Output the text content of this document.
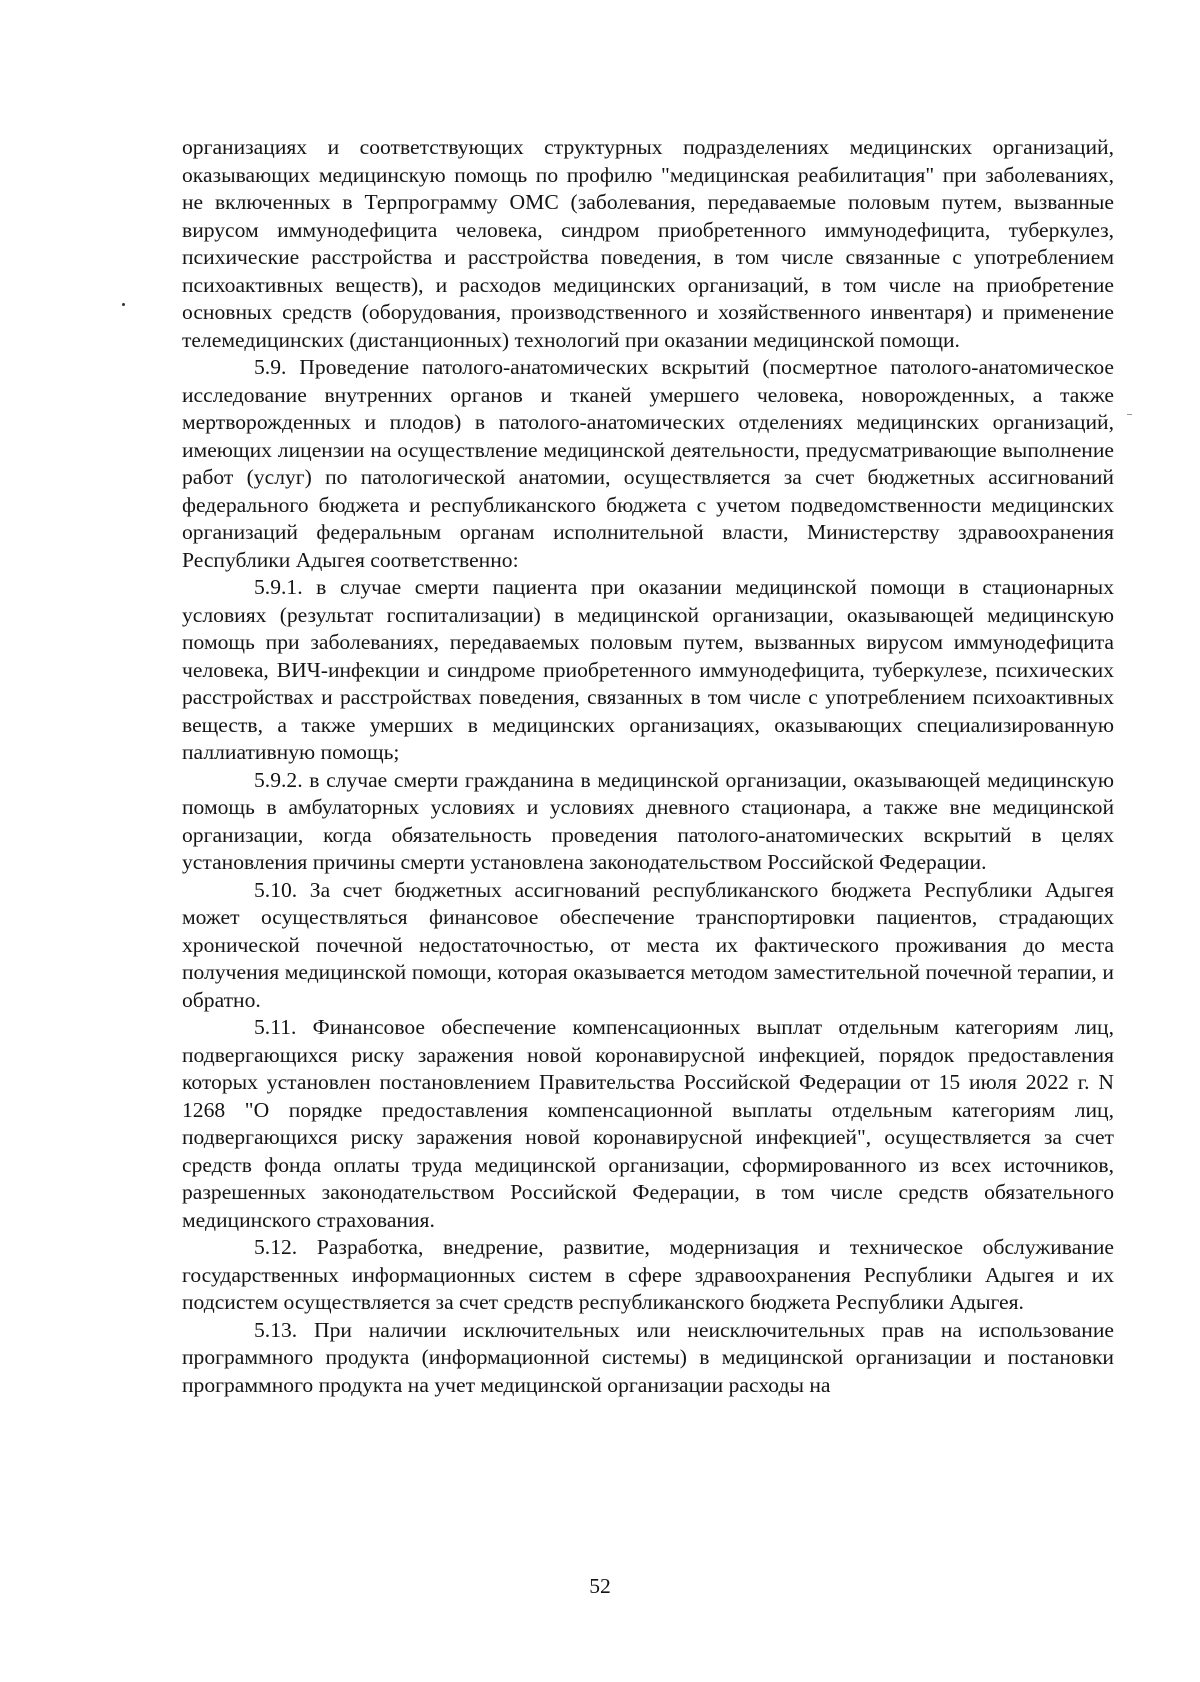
организациях и соответствующих структурных подразделениях медицинских организаций, оказывающих медицинскую помощь по профилю "медицинская реабилитация" при заболеваниях, не включенных в Терпрограмму ОМС (заболевания, передаваемые половым путем, вызванные вирусом иммунодефицита человека, синдром приобретенного иммунодефицита, туберкулез, психические расстройства и расстройства поведения, в том числе связанные с употреблением психоактивных веществ), и расходов медицинских организаций, в том числе на приобретение основных средств (оборудования, производственного и хозяйственного инвентаря) и применение телемедицинских (дистанционных) технологий при оказании медицинской помощи.

5.9. Проведение патолого-анатомических вскрытий (посмертное патолого-анатомическое исследование внутренних органов и тканей умершего человека, новорожденных, а также мертворожденных и плодов) в патолого-анатомических отделениях медицинских организаций, имеющих лицензии на осуществление медицинской деятельности, предусматривающие выполнение работ (услуг) по патологической анатомии, осуществляется за счет бюджетных ассигнований федерального бюджета и республиканского бюджета с учетом подведомственности медицинских организаций федеральным органам исполнительной власти, Министерству здравоохранения Республики Адыгея соответственно:

5.9.1. в случае смерти пациента при оказании медицинской помощи в стационарных условиях (результат госпитализации) в медицинской организации, оказывающей медицинскую помощь при заболеваниях, передаваемых половым путем, вызванных вирусом иммунодефицита человека, ВИЧ-инфекции и синдроме приобретенного иммунодефицита, туберкулезе, психических расстройствах и расстройствах поведения, связанных в том числе с употреблением психоактивных веществ, а также умерших в медицинских организациях, оказывающих специализированную паллиативную помощь;

5.9.2. в случае смерти гражданина в медицинской организации, оказывающей медицинскую помощь в амбулаторных условиях и условиях дневного стационара, а также вне медицинской организации, когда обязательность проведения патолого-анатомических вскрытий в целях установления причины смерти установлена законодательством Российской Федерации.

5.10. За счет бюджетных ассигнований республиканского бюджета Республики Адыгея может осуществляться финансовое обеспечение транспортировки пациентов, страдающих хронической почечной недостаточностью, от места их фактического проживания до места получения медицинской помощи, которая оказывается методом заместительной почечной терапии, и обратно.

5.11. Финансовое обеспечение компенсационных выплат отдельным категориям лиц, подвергающихся риску заражения новой коронавирусной инфекцией, порядок предоставления которых установлен постановлением Правительства Российской Федерации от 15 июля 2022 г. N 1268 "О порядке предоставления компенсационной выплаты отдельным категориям лиц, подвергающихся риску заражения новой коронавирусной инфекцией", осуществляется за счет средств фонда оплаты труда медицинской организации, сформированного из всех источников, разрешенных законодательством Российской Федерации, в том числе средств обязательного медицинского страхования.

5.12. Разработка, внедрение, развитие, модернизация и техническое обслуживание государственных информационных систем в сфере здравоохранения Республики Адыгея и их подсистем осуществляется за счет средств республиканского бюджета Республики Адыгея.

5.13. При наличии исключительных или неисключительных прав на использование программного продукта (информационной системы) в медицинской организации и постановки программного продукта на учет медицинской организации расходы на

52
